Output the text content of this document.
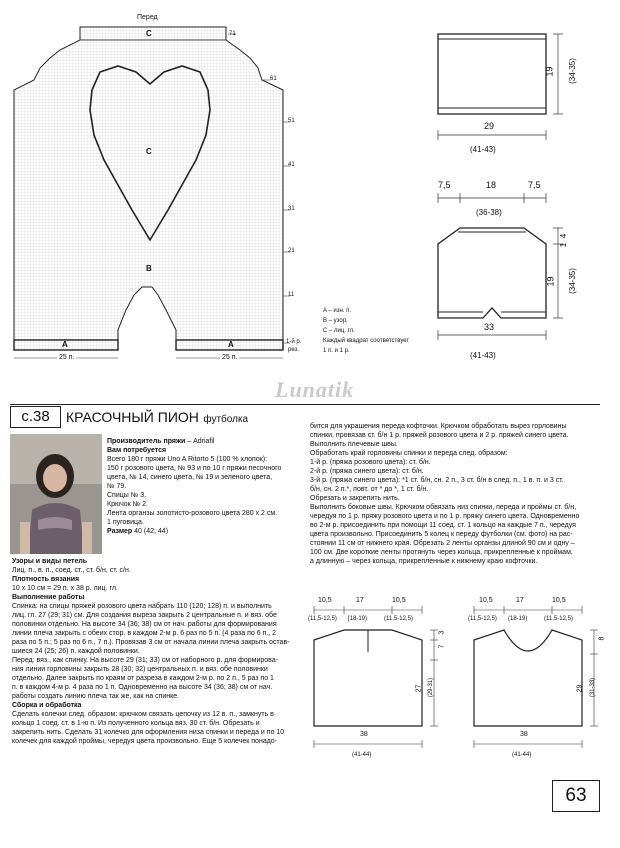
Перед
C
C
B
A	A
71
61
51
41
31
21
11
1-й р.
рез.
25 п.	25 п.
A – изн. п.
B – узор,
C – лиц. гл.
Каждый квадрат соответствует
1 п. и 1 р.
19 (34-35)
29
(41-43)
7,5	18	7,5
(36-38)
4
1
19 (34-35)
33
(41-43)
Lunatik
с.38	КРАСОЧНЫЙ ПИОН футболка
Производитель пряжи – Adriafil
Вам потребуется
Всего 180 г пряжи Uno A Ritorto 5 (100 % хлопок):
150 г розового цвета, № 93 и по 10 г пряжи песочного
цвета, № 14, синего цвета, № 19 и зеленого цвета,
№ 79.
Спицы № 3.
Крючок № 2.
Лента органзы золотисто-розового цвета 280 х 2 см.
1 пуговица.
Размер 40 (42; 44)

Узоры и виды петель

Лиц. п., в. п., соед. ст., ст. б/н, ст. с/н.

Плотность вязания

10 х 10 см = 29 п. х 38 р. лиц. гл.

Выполнение работы

Спинка: на спицы пряжей розового цвета набрать 110 (120; 128) п. и выполнить

лиц. гл. 27 (29; 31) см. Для создания выреза закрыть 2 центральные п. и вяз. обе

половинки отдельно. На высоте 34 (36; 38) см от нач. работы для формирования

линии плеча закрыть с обеих стор. в каждом 2-м р. 6 раз по 5 п. (4 раза по 6 п., 2

раза по 5 п.; 5 раз по 6 п., 7 п.). Провязав 3 см от начала линии плеча закрыть остав-

шиеся 24 (25; 26) п. каждой половинки.

Перед: вяз., как спинку. На высоте 29 (31; 33) см от наборного р. для формирова-

ния линии горловины закрыть 28 (30; 32) центральных п. и вяз. обе половинки

отдельно. Далее закрыть по краям от разреза в каждом 2-м р. по 2 п., 5 раз по 1

п. в каждом 4-м р. 4 раза по 1 п. Одновременно на высоте 34 (36; 38) см от нач.

работы создать линию плеча так же, как на спинке.

Сборка и обработка

Сделать колечки след. образом: крючком связать цепочку из 12 в. п., замкнуть в

кольцо 1 соед. ст. в 1-ю п. Из полученного кольца вяз. 30 ст. б/н. Обрезать и

закрепить нить. Сделать 31 колечко для оформления низа спинки и переда и по 10

колечек для каждой проймы, чередуя цвета произвольно. Еще 5 колечек понадо-

бится для украшения переда кофточки. Крючком обработать вырез горловины

спинки, провязав ст. б/н 1 р. пряжей розового цвета и 2 р. пряжей синего цвета.

Выполнить плечевые швы.

Обработать край горловины спинки и переда след. образом:

1-й р. (пряжа розового цвета): ст. б/н.

2-й р. (пряжа синего цвета): ст. б/н.

3-й р. (пряжа синего цвета): *1 ст. б/н, сн. 2 п., 3 ст. б/н в след. п., 1 в. п. и 3 ст.

б/н, сн. 2 п.*, повт. от * до *, 1 ст. б/н.

Обрезать и закрепить нить.

Выполнить боковые швы. Крючком обвязать низ спинки, переда и проймы ст. б/н,

чередуя по 1 р. пряжу розового цвета и по 1 р. пряжу синего цвета. Одновременно

во 2-м р. присоединить при помощи 11 соед. ст. 1 кольцо на каждые 7 п., чередуя

цвета произвольно. Присоединить 5 колец к переду футболки (см. фото) на рас-

стоянии 11 см от нижнего края. Обрезать 2 ленты органзы длиной 90 см и одну –

100 см. Две короткие ленты протянуть через кольца, прикрепленные к проймам,

а длинную – через кольца, прикрепленные к нижнему краю кофточки.

10,5	17	10,5
(11,5-12,5) [18-19)	(11,5-12,5)
7
3
27 (29-31)
38
(41-44)
10,5	17	10,5
(11,5-12,5) (18-19)	(11,5-12,5)
8
29 (31-33)
38
(41-44)
63
